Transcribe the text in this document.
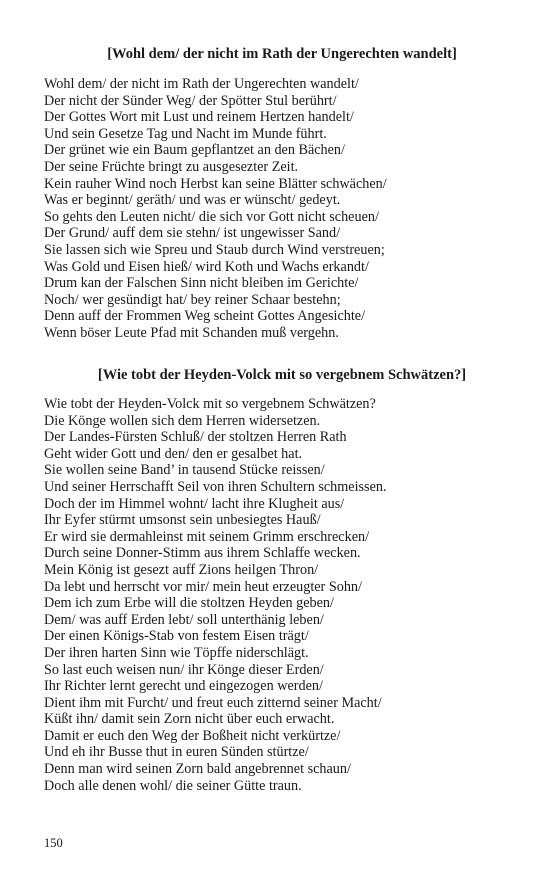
[Wohl dem/ der nicht im Rath der Ungerechten wandelt]
Wohl dem/ der nicht im Rath der Ungerechten wandelt/
Der nicht der Sünder Weg/ der Spötter Stul berührt/
Der Gottes Wort mit Lust und reinem Hertzen handelt/
Und sein Gesetze Tag und Nacht im Munde führt.
Der grünet wie ein Baum gepflantzet an den Bächen/
Der seine Früchte bringt zu ausgesezter Zeit.
Kein rauher Wind noch Herbst kan seine Blätter schwächen/
Was er beginnt/ geräth/ und was er wünscht/ gedeyt.
So gehts den Leuten nicht/ die sich vor Gott nicht scheuen/
Der Grund/ auff dem sie stehn/ ist ungewisser Sand/
Sie lassen sich wie Spreu und Staub durch Wind verstreuen;
Was Gold und Eisen hieß/ wird Koth und Wachs erkandt/
Drum kan der Falschen Sinn nicht bleiben im Gerichte/
Noch/ wer gesündigt hat/ bey reiner Schaar bestehn;
Denn auff der Frommen Weg scheint Gottes Angesichte/
Wenn böser Leute Pfad mit Schanden muß vergehn.
[Wie tobt der Heyden-Volck mit so vergebnem Schwätzen?]
Wie tobt der Heyden-Volck mit so vergebnem Schwätzen?
Die Könge wollen sich dem Herren widersetzen.
Der Landes-Fürsten Schluß/ der stoltzen Herren Rath
Geht wider Gott und den/ den er gesalbet hat.
Sie wollen seine Band’ in tausend Stücke reissen/
Und seiner Herrschafft Seil von ihren Schultern schmeissen.
Doch der im Himmel wohnt/ lacht ihre Klugheit aus/
Ihr Eyfer stürmt umsonst sein unbesiegtes Hauß/
Er wird sie dermahleinst mit seinem Grimm erschrecken/
Durch seine Donner-Stimm aus ihrem Schlaffe wecken.
Mein König ist gesezt auff Zions heilgen Thron/
Da lebt und herrscht vor mir/ mein heut erzeugter Sohn/
Dem ich zum Erbe will die stoltzen Heyden geben/
Dem/ was auff Erden lebt/ soll unterthänig leben/
Der einen Königs-Stab von festem Eisen trägt/
Der ihren harten Sinn wie Töpffe niderschlägt.
So last euch weisen nun/ ihr Könge dieser Erden/
Ihr Richter lernt gerecht und eingezogen werden/
Dient ihm mit Furcht/ und freut euch zitternd seiner Macht/
Küßt ihn/ damit sein Zorn nicht über euch erwacht.
Damit er euch den Weg der Boßheit nicht verkürtze/
Und eh ihr Busse thut in euren Sünden stürtze/
Denn man wird seinen Zorn bald angebrennet schaun/
Doch alle denen wohl/ die seiner Gütte traun.
150
